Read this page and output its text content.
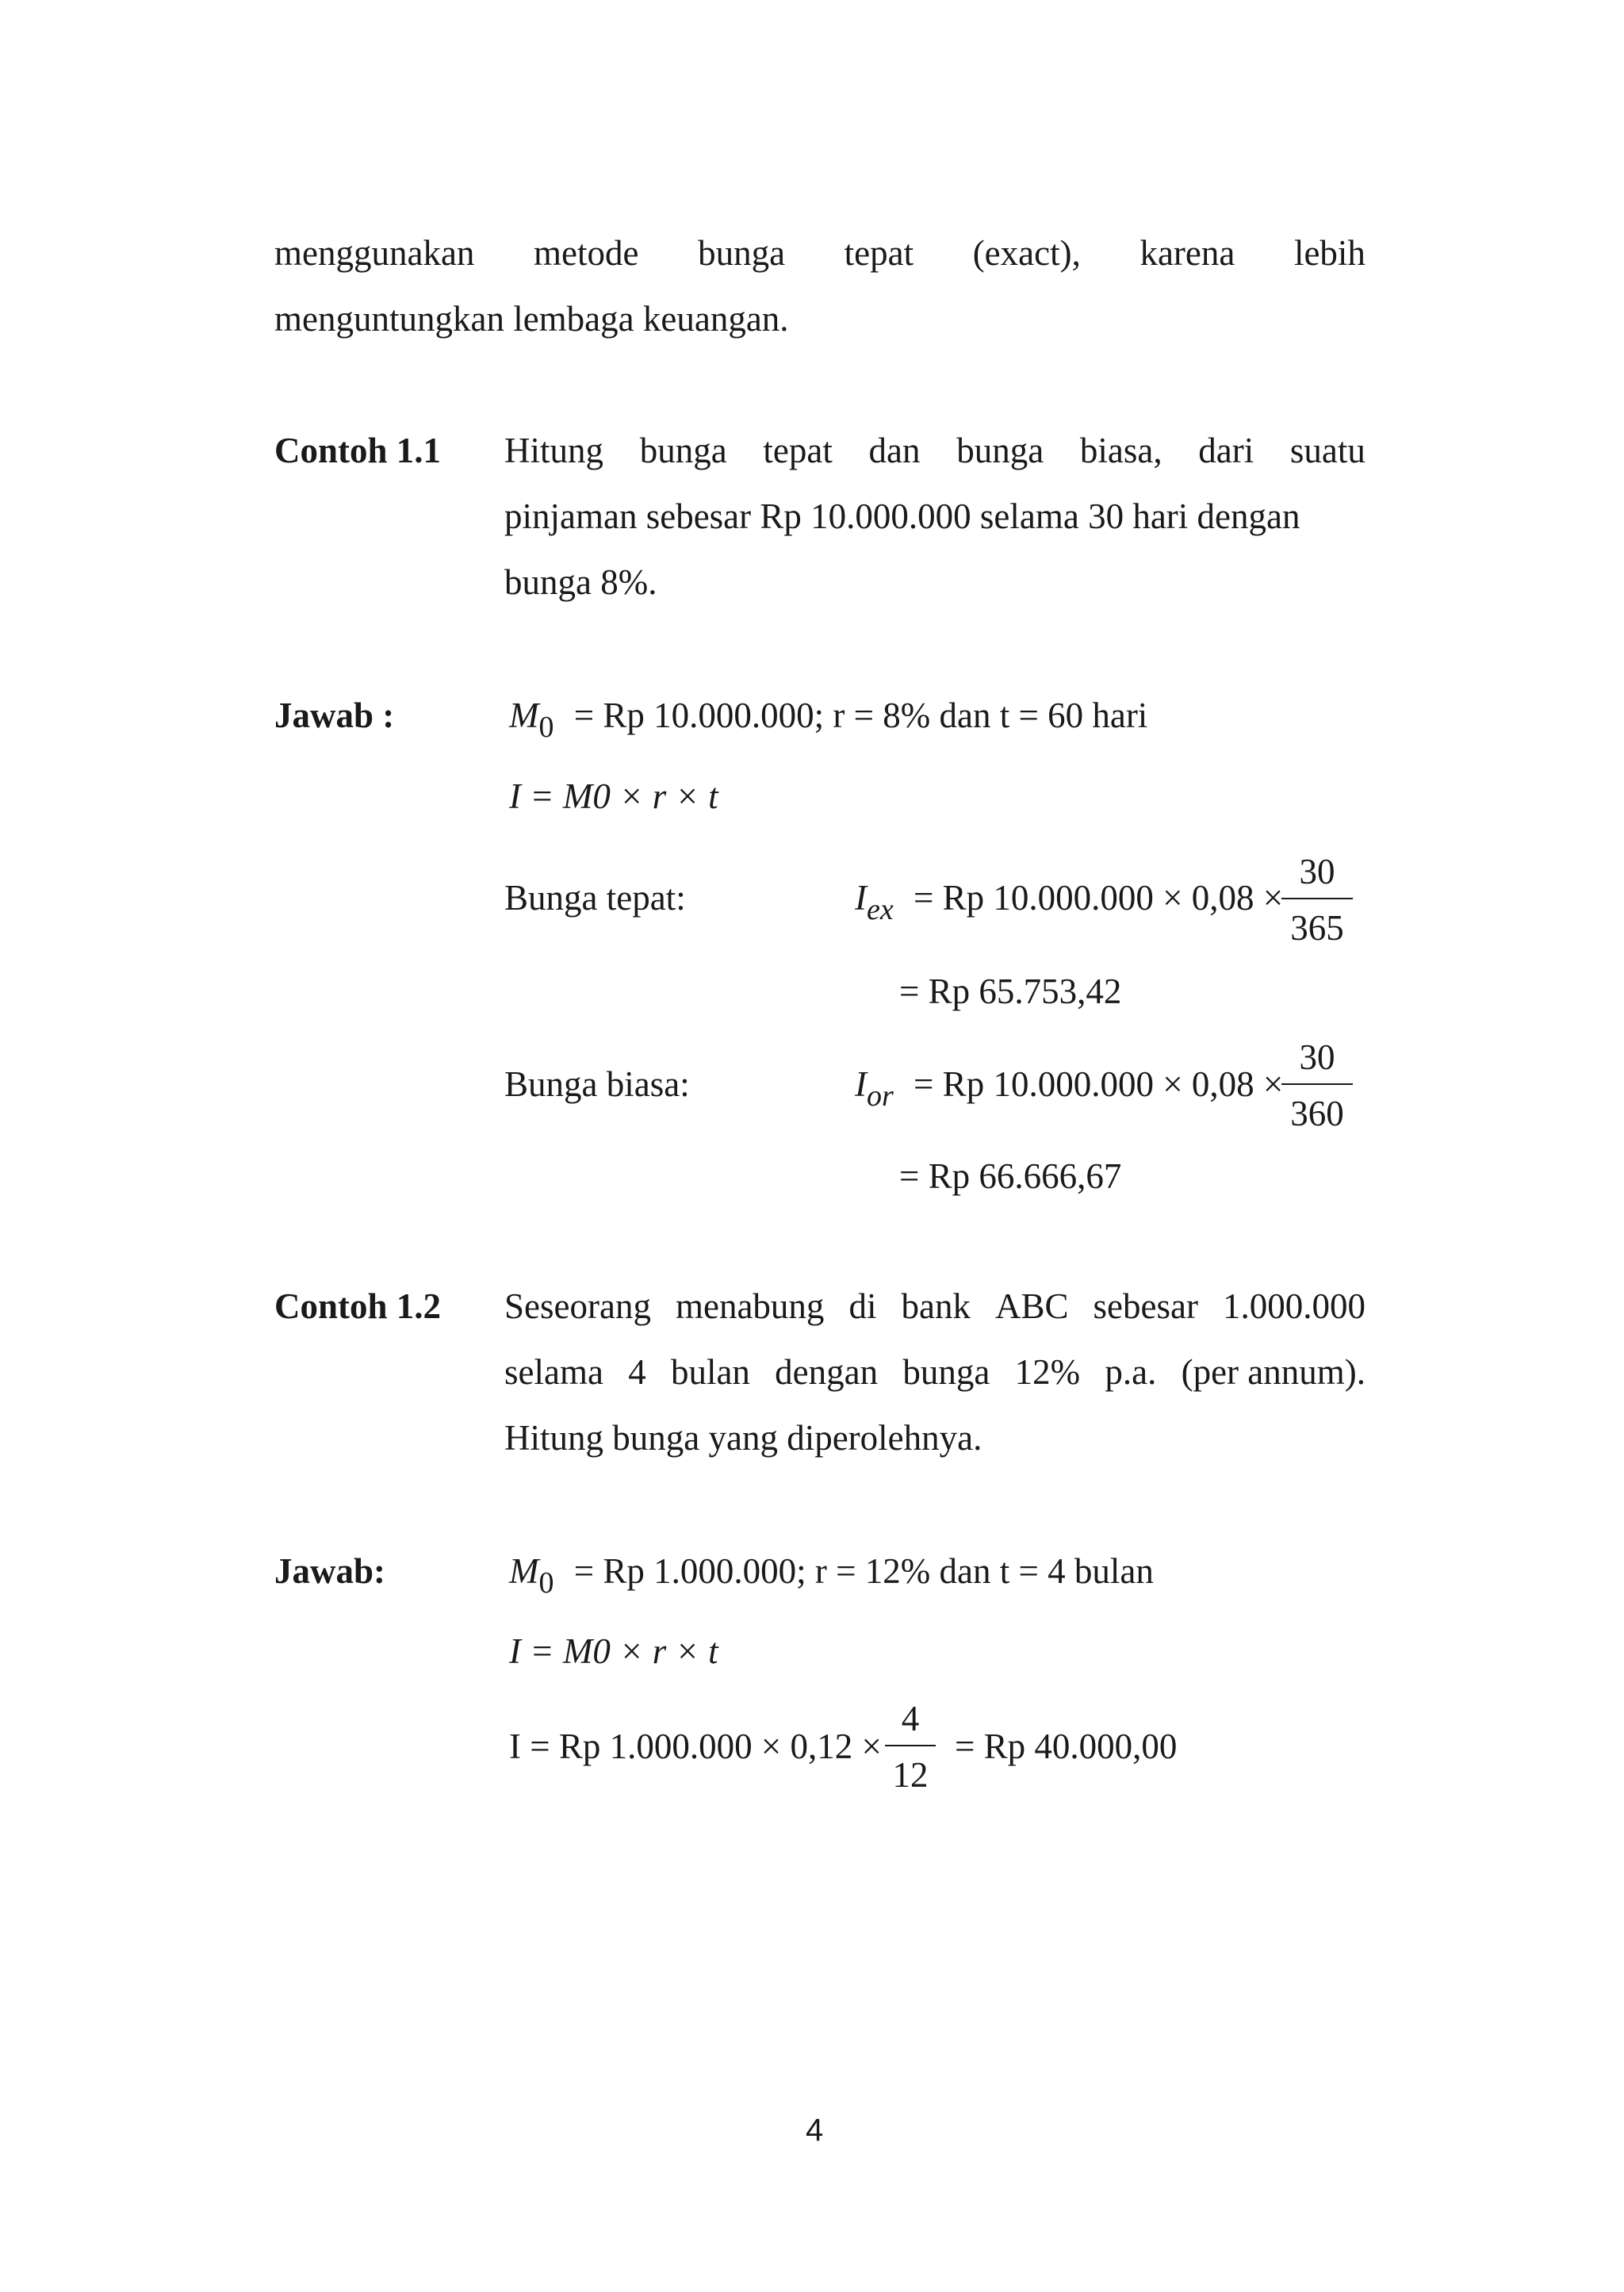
menggunakan metode bunga tepat (exact), karena lebih
menguntungkan lembaga keuangan.
Contoh 1.1 Hitung bunga tepat dan bunga biasa, dari suatu
pinjaman sebesar Rp 10.000.000 selama 30 hari dengan
bunga 8%.
Jawab :	$M_0 = Rp$ 10.000.000; r = 8% dan t = 60 hari
I = M0 × r × t
Bunga tepat:	$I_{ex} = Rp$ 10.000.000 × 0,08 ×
30
365
= Rp 65.753,42
Bunga biasa:	$I_{or} = Rp$ 10.000.000 × 0,08 ×
30
360
= Rp 66.666,67
Contoh 1.2 Seseorang menabung di bank ABC sebesar 1.000.000
selama 4 bulan dengan bunga 12% p.a. (per annum).
Hitung bunga yang diperolehnya.
Jawab:	$M_0 = Rp$ 1.000.000; r = 12% dan t = 4 bulan
I = M0 × r × t
I = Rp 1.000.000 × 0,12 ×
4
12
= Rp 40.000,00
4
